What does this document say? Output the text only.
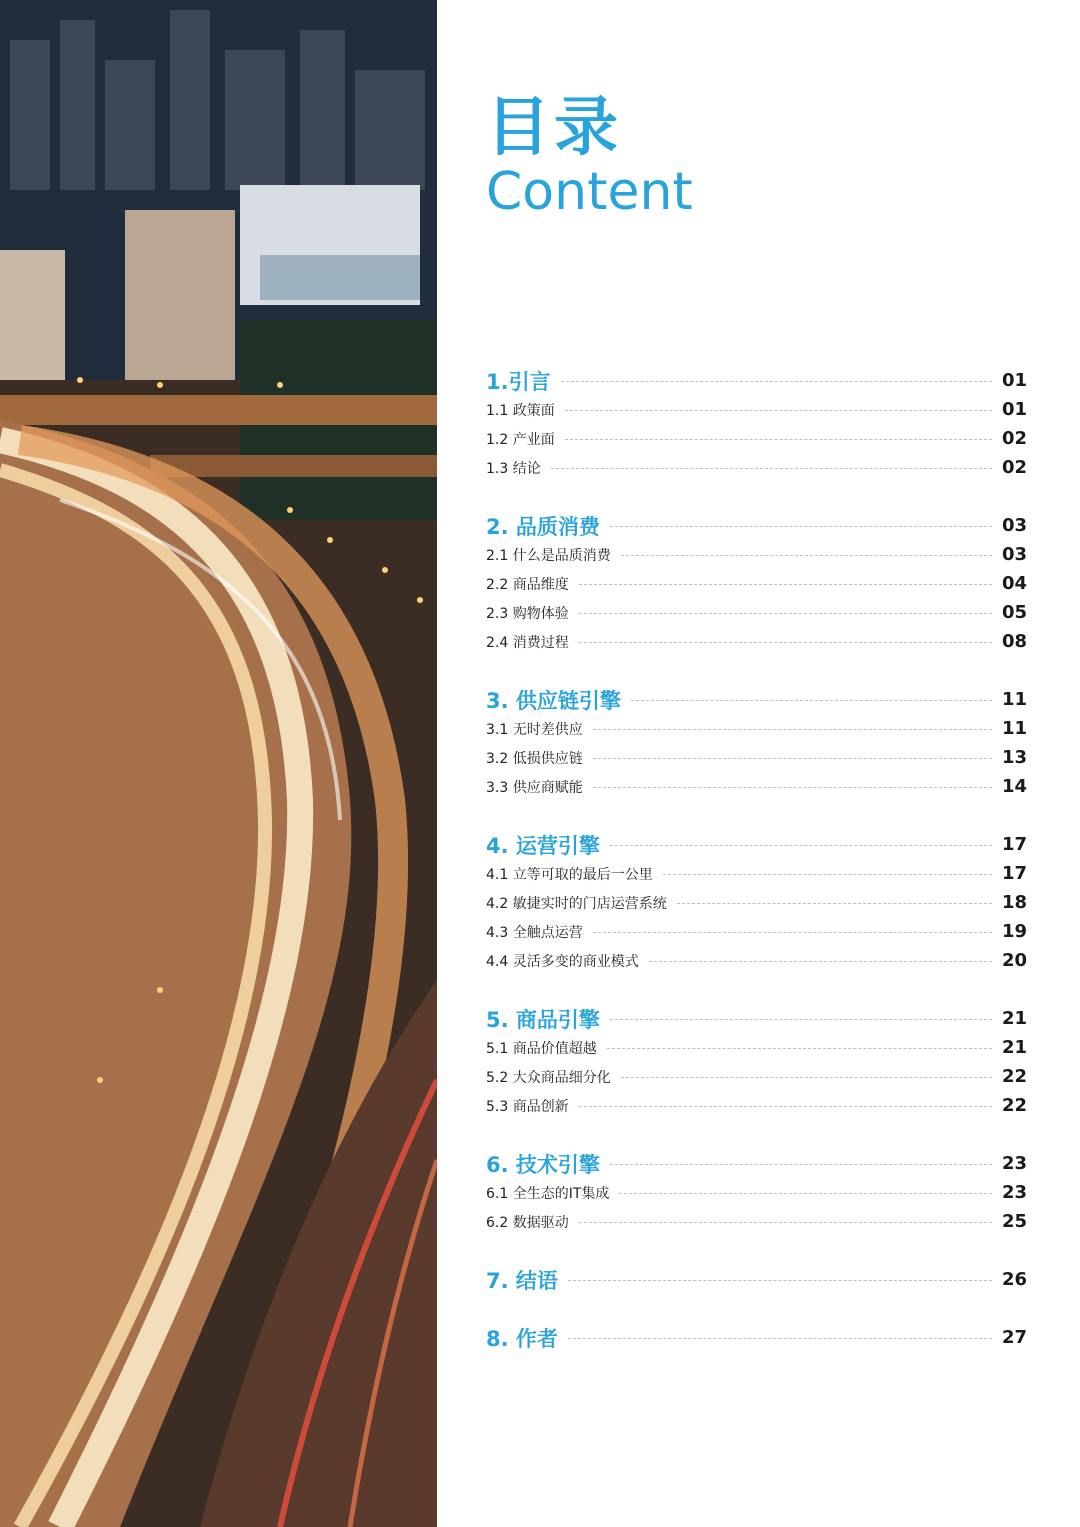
目录
Content
1.引言	01
1.1 政策面	01
1.2 产业面	02
1.3 结论	02
2. 品质消费	03
2.1 什么是品质消费	03
2.2 商品维度	04
2.3 购物体验	05
2.4 消费过程	08
3. 供应链引擎	11
3.1 无时差供应	11
3.2 低损供应链	13
3.3 供应商赋能	14
4. 运营引擎	17
4.1 立等可取的最后一公里	17
4.2 敏捷实时的门店运营系统	18
4.3 全触点运营	19
4.4 灵活多变的商业模式	20
5. 商品引擎	21
5.1 商品价值超越	21
5.2 大众商品细分化	22
5.3 商品创新	22
6. 技术引擎	23
6.1 全生态的IT集成	23
6.2 数据驱动	25
7. 结语	26
8. 作者	27
